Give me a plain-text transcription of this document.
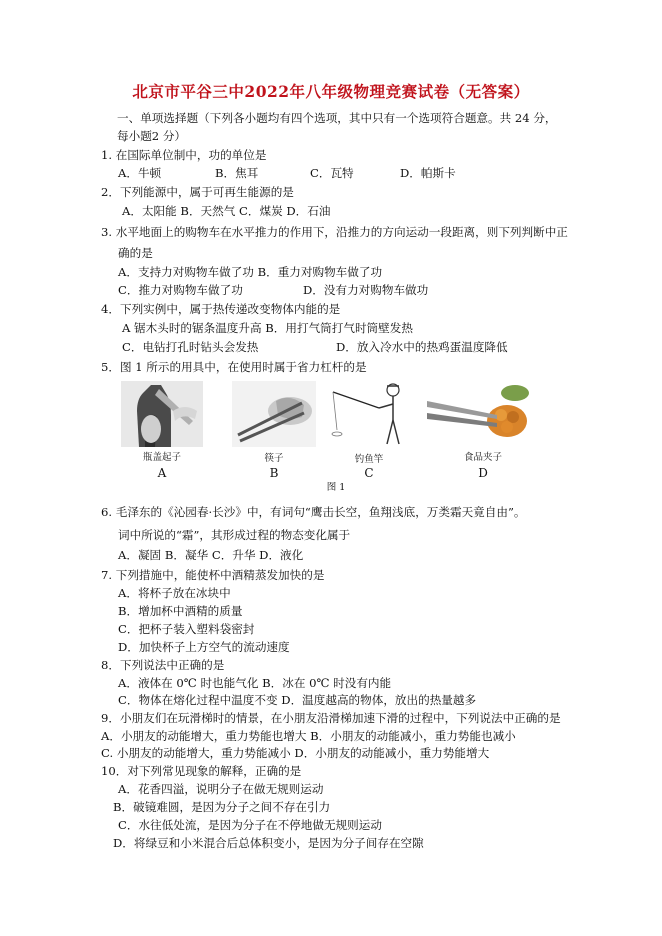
北京市平谷三中2022年八年级物理竞赛试卷（无答案）
一、单项选择题（下列各小题均有四个选项，其中只有一个选项符合题意。共 24 分，
每小题2 分）
1. 在国际单位制中，功的单位是
A．牛顿	B．焦耳	C．瓦特	D．帕斯卡
2．下列能源中，属于可再生能源的是
A．太阳能 B．天然气 C．煤炭 D．石油
3. 水平地面上的购物车在水平推力的作用下，沿推力的方向运动一段距离，则下列判断中正
确的是
A．支持力对购物车做了功 B．重力对购物车做了功
C．推力对购物车做了功	D．没有力对购物车做功
4．下列实例中，属于热传递改变物体内能的是
A 锯木头时的锯条温度升高 B．用打气筒打气时筒壁发热
C．电钻打孔时钻头会发热	D．放入冷水中的热鸡蛋温度降低
5．图 1 所示的用具中，在使用时属于省力杠杆的是
瓶盖起子	筷子	钓鱼竿	食品夹子
A	B	C	D
图 1
6. 毛泽东的《沁园春·长沙》中，有词句“鹰击长空，鱼翔浅底，万类霜天竟自由”。
词中所说的“霜”，其形成过程的物态变化属于
A．凝固 B．凝华 C．升华 D．液化
7. 下列措施中，能使杯中酒精蒸发加快的是
A．将杯子放在冰块中
B．增加杯中酒精的质量
C．把杯子装入塑料袋密封
D．加快杯子上方空气的流动速度
8．下列说法中正确的是
A．液体在 0℃ 时也能气化 B．冰在 0℃ 时没有内能
C．物体在熔化过程中温度不变 D．温度越高的物体，放出的热量越多
9．小朋友们在玩滑梯时的情景，在小朋友沿滑梯加速下滑的过程中，下列说法中正确的是
A．小朋友的动能增大，重力势能也增大 B．小朋友的动能减小，重力势能也减小
C. 小朋友的动能增大，重力势能减小 D．小朋友的动能减小，重力势能增大
10．对下列常见现象的解释，正确的是
A．花香四溢，说明分子在做无规则运动
B．破镜难圆，是因为分子之间不存在引力
C．水往低处流，是因为分子在不停地做无规则运动
D．将绿豆和小米混合后总体积变小，是因为分子间存在空隙
